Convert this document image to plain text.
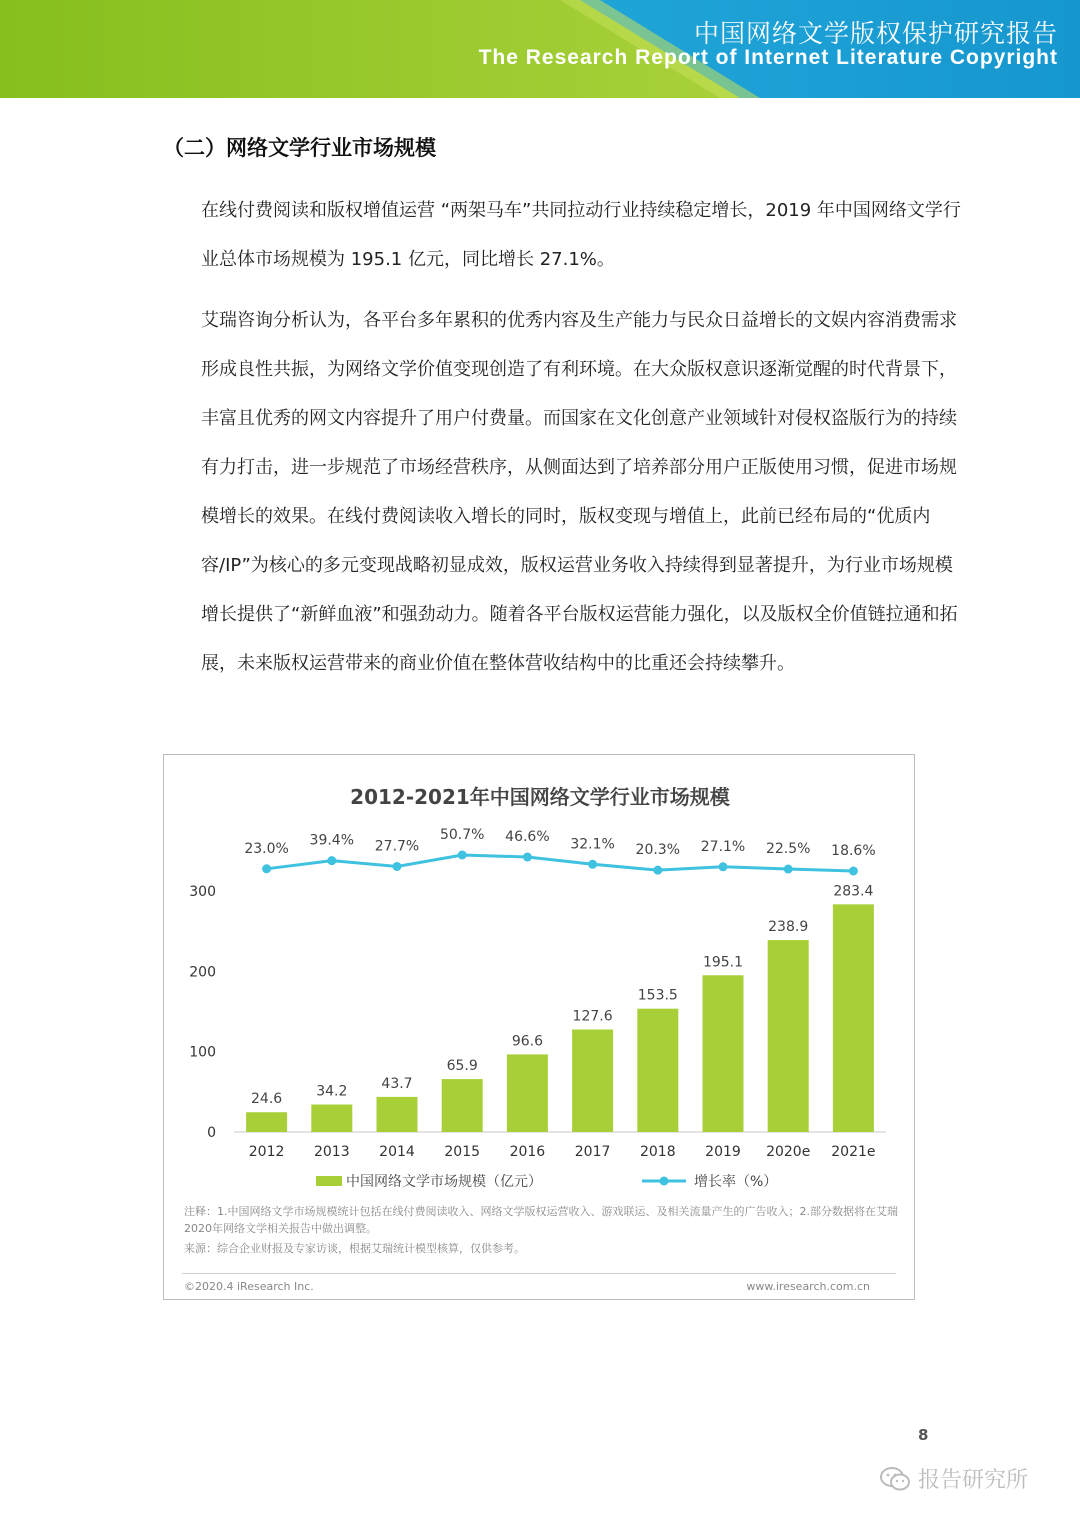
中国网络文学版权保护研究报告
The Research Report of Internet Literature Copyright
（二）网络文学行业市场规模

在线付费阅读和版权增值运营 “两架马车”共同拉动行业持续稳定增长，2019 年中国网络文学行业总体市场规模为 195.1 亿元，同比增长 27.1%。

艾瑞咨询分析认为，各平台多年累积的优秀内容及生产能力与民众日益增长的文娱内容消费需求形成良性共振，为网络文学价值变现创造了有利环境。在大众版权意识逐渐觉醒的时代背景下，丰富且优秀的网文内容提升了用户付费量。而国家在文化创意产业领域针对侵权盗版行为的持续有力打击，进一步规范了市场经营秩序，从侧面达到了培养部分用户正版使用习惯，促进市场规模增长的效果。在线付费阅读收入增长的同时，版权变现与增值上，此前已经布局的“优质内容/IP”为核心的多元变现战略初显成效，版权运营业务收入持续得到显著提升，为行业市场规模增长提供了“新鲜血液”和强劲动力。随着各平台版权运营能力强化，以及版权全价值链拉通和拓展，未来版权运营带来的商业价值在整体营收结构中的比重还会持续攀升。

2012-2021年中国网络文学行业市场规模
0
100
200
300
24.6
2012
34.2
2013
43.7
2014
65.9
2015
96.6
2016
127.6
2017
153.5
2018
195.1
2019
238.9
2020e
283.4
2021e
23.0%
39.4% 27.7%
50.7% 46.6% 32.1% 20.3% 27.1% 22.5% 18.6%
中国网络文学市场规模（亿元）	增长率（%）

注释：1.中国网络文学市场规模统计包括在线付费阅读收入、网络文学版权运营收入、游戏联运、及相关流量产生的广告收入；2.部分数据将在艾瑞2020年网络文学相关报告中做出调整。

来源：综合企业财报及专家访谈，根据艾瑞统计模型核算，仅供参考。

©2020.4 iResearch Inc.	www.iresearch.com.cn
8
报告研究所
